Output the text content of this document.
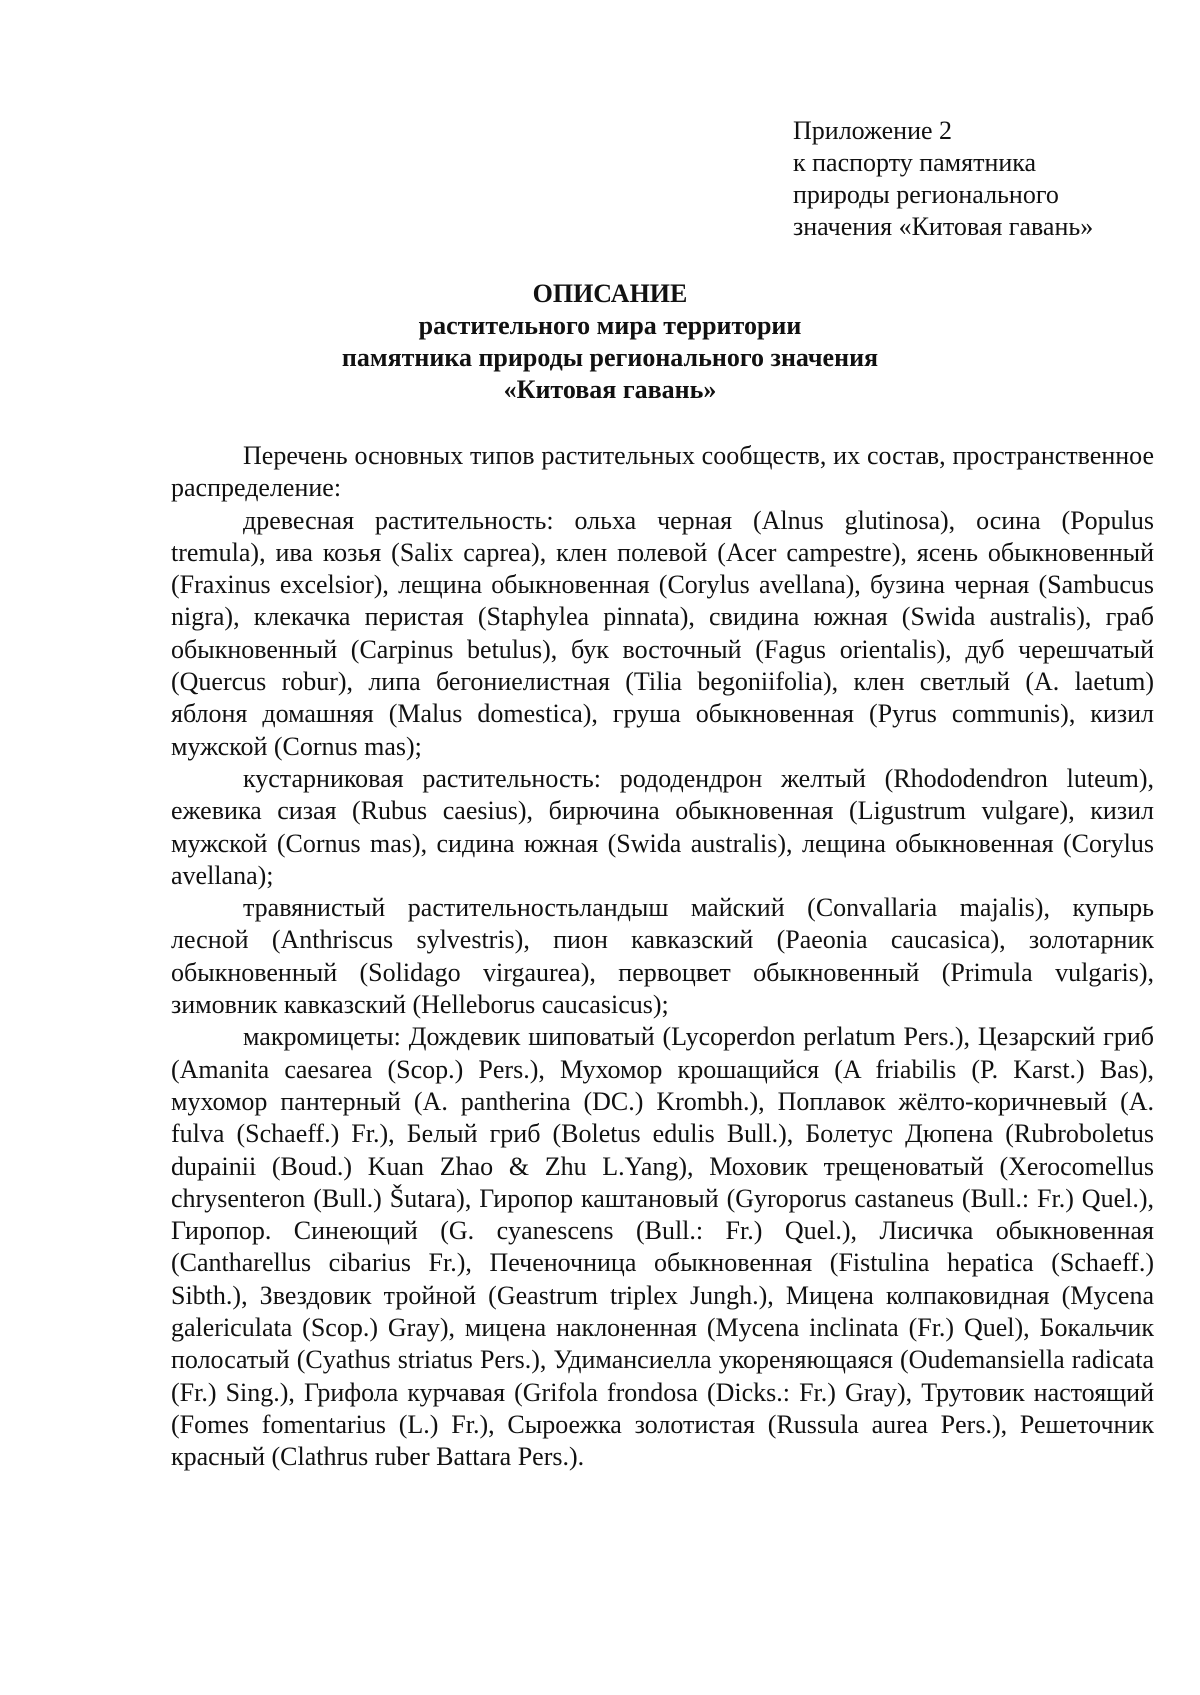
Приложение 2
к паспорту памятника
природы регионального
значения «Китовая гавань»
ОПИСАНИЕ
растительного мира территории
памятника природы регионального значения
«Китовая гавань»

Перечень основных типов растительных сообществ, их состав, пространственное распределение:

древесная растительность: ольха черная (Alnus glutinosa), осина (Populus tremula), ива козья (Salix caprea), клен полевой (Acer campestre), ясень обыкновенный (Fraxinus excelsior), лещина обыкновенная (Corylus avellana), бузина черная (Sambucus nigra), клекачка перистая (Staphylea pinnata), свидина южная (Swida australis), граб обыкновенный (Carpinus betulus), бук восточный (Fagus orientalis), дуб черешчатый (Quercus robur), липа бегониелистная (Tilia begoniifolia), клен светлый (A. laetum) яблоня домашняя (Malus domestica), груша обыкновенная (Pyrus communis), кизил мужской (Cornus mas);

кустарниковая растительность: рододендрон желтый (Rhododendron luteum), ежевика сизая (Rubus caesius), бирючина обыкновенная (Ligustrum vulgare), кизил мужской (Cornus mas), сидина южная (Swida australis), лещина обыкновенная (Corylus avellana);

травянистый растительностьландыш майский (Convallaria majalis), купырь лесной (Anthriscus sylvestris), пион кавказский (Paeonia caucasica), золотарник обыкновенный (Solidago virgaurea), первоцвет обыкновенный (Primula vulgaris), зимовник кавказский (Helleborus caucasicus);

макромицеты: Дождевик шиповатый (Lycoperdon perlatum Pers.), Цезарский гриб (Amanita caesarea (Scop.) Pers.), Мухомор крошащийся (A friabilis (P. Karst.) Bas), мухомор пантерный (A. pantherina (DC.) Krombh.), Поплавок жёлто-коричневый (A. fulva (Schaeff.) Fr.), Белый гриб (Boletus edulis Bull.), Болетус Дюпена (Rubroboletus dupainii (Boud.) Kuan Zhao & Zhu L.Yang), Моховик трещеноватый (Xerocomellus chrysenteron (Bull.) Šutara), Гиропор каштановый (Gyroporus castaneus (Bull.: Fr.) Quel.), Гиропор. Синеющий (G. cyanescens (Bull.: Fr.) Quel.), Лисичка обыкновенная (Cantharellus cibarius Fr.), Печеночница обыкновенная (Fistulina hepatica (Schaeff.) Sibth.), Звездовик тройной (Geastrum triplex Jungh.), Мицена колпаковидная (Mycena galericulata (Scop.) Gray), мицена наклоненная (Mycena inclinata (Fr.) Quel), Бокальчик полосатый (Cyathus striatus Pers.), Удимансиелла укореняющаяся (Oudemansiella radicata (Fr.) Sing.), Грифола курчавая (Grifola frondosa (Dicks.: Fr.) Gray), Трутовик настоящий (Fomes fomentarius (L.) Fr.), Сыроежка золотистая (Russula aurea Pers.), Решеточник красный (Clathrus ruber Battara Pers.).
